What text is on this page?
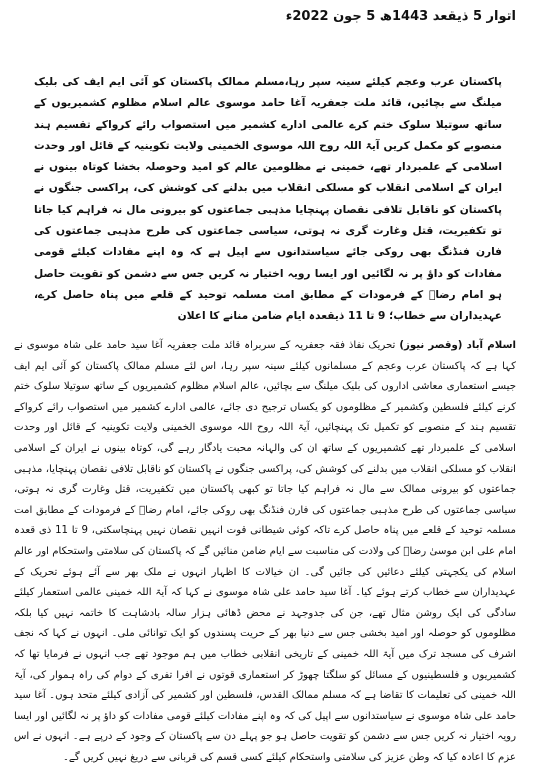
اتوار 5 ذیقعد 1443ھ 5 جون 2022ء
پاکستان عرب وعجم کیلئے سینہ سپر رہا،مسلم ممالک پاکستان کو آئی ایم ایف کی بلیک میلنگ سے بچائیں، قائد ملت جعفریہ آغا حامد موسوی عالم اسلام مظلوم کشمیریوں کے ساتھ سوتیلا سلوک ختم کرے عالمی ادارے کشمیر میں استصواب رائے کرواکے تقسیم ہند منصوبے کو مکمل کریں آیۃ اللہ روح اللہ موسوی الخمینی ولایت تکوینیہ کے قائل اور وحدت اسلامی کے علمبردار تھے، خمینی نے مظلومین عالم کو امید وحوصلہ بخشا کوتاہ بینوں نے ایران کے اسلامی انقلاب کو مسلکی انقلاب میں بدلنے کی کوشش کی، پراکسی جنگوں نے پاکستان کو ناقابل تلافی نقصان پہنچایا مذہبی جماعتوں کو بیرونی مال نہ فراہم کیا جاتا تو تکفیریت، قتل وغارت گری نہ ہوتی، سیاسی جماعتوں کی طرح مذہبی جماعتوں کی فارن فنڈنگ بھی روکی جائے سیاستدانوں سے اپیل ہے کہ وہ اپنے مفادات کیلئے قومی مفادات کو داؤ پر نہ لگائیں اور ایسا رویہ اختیار نہ کریں جس سے دشمن کو تقویت حاصل ہو امام رضاؑ کے فرمودات کے مطابق امت مسلمہ توحید کے قلعے میں پناہ حاصل کرے، عہدیداران سے خطاب؛ 9 تا 11 ذیقعدہ ایام ضامن منانے کا اعلان
اسلام آباد (وقصر نیوز) تحریک نفاذ فقہ جعفریہ کے سربراہ قائد ملت جعفریہ آغا سید حامد علی شاہ موسوی نے کہا ہے کہ پاکستان عرب وعجم کے مسلمانوں کیلئے سینہ سپر رہا، اس لئے مسلم ممالک پاکستان کو آئی ایم ایف جیسے استعماری معاشی اداروں کی بلیک میلنگ سے بچائیں، عالم اسلام مظلوم کشمیریوں کے ساتھ سوتیلا سلوک ختم کرنے کیلئے فلسطین وکشمیر کے مظلوموں کو یکساں ترجیح دی جائے، عالمی ادارے کشمیر میں استصواب رائے کرواکے تقسیم ہند کے منصوبے کو تکمیل تک پہنچائیں، آیۃ اللہ روح اللہ موسوی الخمینی ولایت تکوینیہ کے قائل اور وحدت اسلامی کے علمبردار تھے کشمیریوں کے ساتھ ان کی والہانہ محبت یادگار رہے گی، کوتاہ بینوں نے ایران کے اسلامی انقلاب کو مسلکی انقلاب میں بدلنے کی کوشش کی، پراکسی جنگوں نے پاکستان کو ناقابل تلافی نقصان پہنچایا، مذہبی جماعتوں کو بیرونی ممالک سے مال نہ فراہم کیا جاتا تو کبھی پاکستان میں تکفیریت، قتل وغارت گری نہ ہوتی، سیاسی جماعتوں کی طرح مذہبی جماعتوں کی فارن فنڈنگ بھی روکی جائے، امام رضاؑ کے فرمودات کے مطابق امت مسلمہ توحید کے قلعے میں پناہ حاصل کرے تاکہ کوئی شیطانی قوت انہیں نقصان نہیں پہنچاسکتی، 9 تا 11 ذی قعدہ امام علی ابن موسیٰ رضاؑ کی ولادت کی مناسبت سے ایام ضامن منائیں گے کہ پاکستان کی سلامتی واستحکام اور عالم اسلام کی یکجہتی کیلئے دعائیں کی جائیں گی۔ ان خیالات کا اظہار انہوں نے ملک بھر سے آئے ہوئے تحریک کے عہدیداران سے خطاب کرتے ہوئے کیا۔ آغا سید حامد علی شاہ موسوی نے کہا کہ آیۃ اللہ خمینی عالمی استعمار کیلئے سادگی کی ایک روشن مثال تھے، جن کی جدوجہد نے محض ڈھائی ہزار سالہ بادشاہت کا خاتمہ نہیں کیا بلکہ مظلوموں کو حوصلہ اور امید بخشی جس سے دنیا بھر کے حریت پسندوں کو ایک توانائی ملی۔ انہوں نے کہا کہ نجف اشرف کی مسجد ترک میں آیۃ اللہ خمینی کے تاریخی انقلابی خطاب میں ہم موجود تھے جب انہوں نے فرمایا تھا کہ کشمیریوں و فلسطینیوں کے مسائل کو سلگتا چھوڑ کر استعماری قوتوں نے افرا تفری کے دوام کی راہ ہموار کی، آیۃ اللہ خمینی کی تعلیمات کا تقاضا ہے کہ مسلم ممالک القدس، فلسطین اور کشمیر کی آزادی کیلئے متحد ہوں۔ آغا سید حامد علی شاہ موسوی نے سیاستدانوں سے اپیل کی کہ وہ اپنے مفادات کیلئے قومی مفادات کو داؤ پر نہ لگائیں اور ایسا رویہ اختیار نہ کریں جس سے دشمن کو تقویت حاصل ہو جو پہلے دن سے پاکستان کے وجود کے درپے ہے۔ انہوں نے اس عزم کا اعادہ کیا کہ وطن عزیز کی سلامتی واستحکام کیلئے کسی قسم کی قربانی سے دریغ نہیں کریں گے۔
